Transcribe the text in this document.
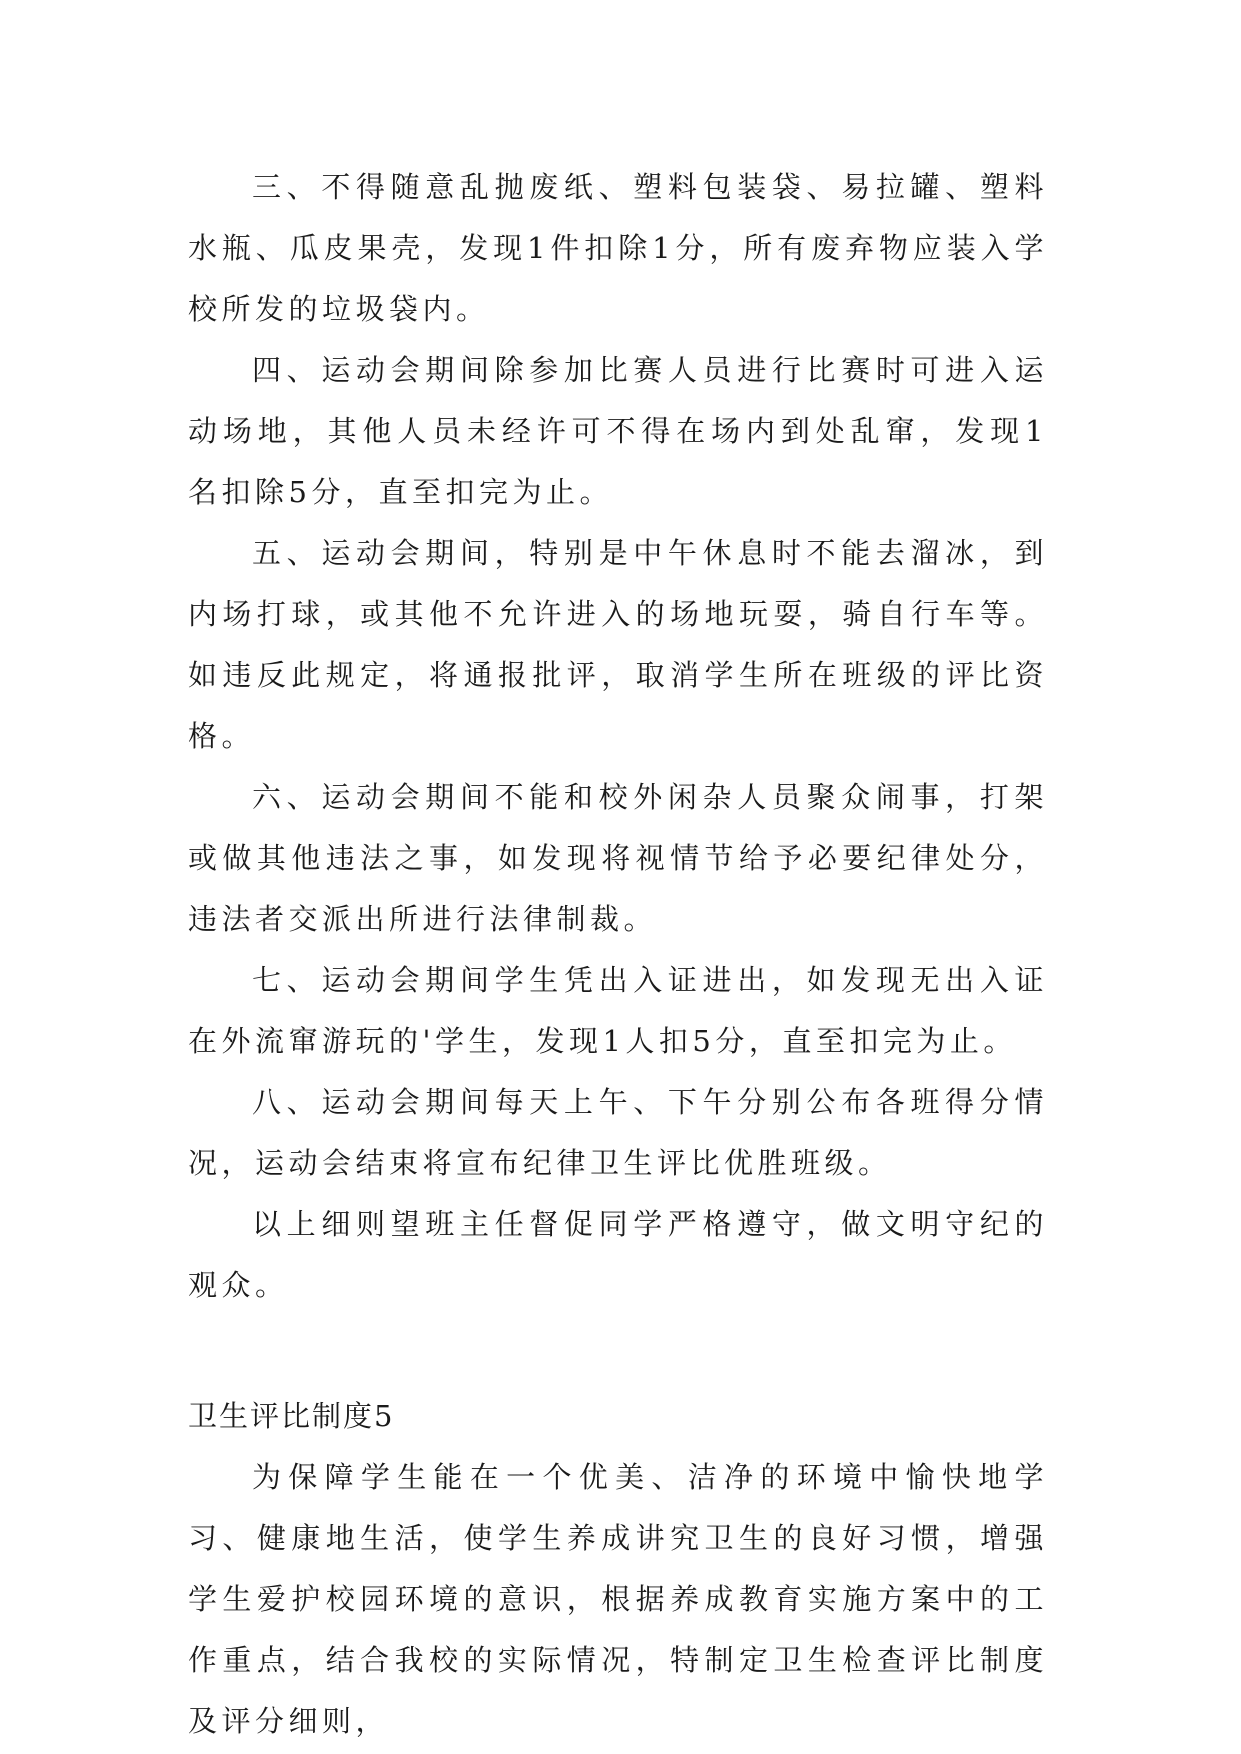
三、不得随意乱抛废纸、塑料包装袋、易拉罐、塑料水瓶、瓜皮果壳，发现1件扣除1分，所有废弃物应装入学校所发的垃圾袋内。

四、运动会期间除参加比赛人员进行比赛时可进入运动场地，其他人员未经许可不得在场内到处乱窜，发现1名扣除5分，直至扣完为止。

五、运动会期间，特别是中午休息时不能去溜冰，到内场打球，或其他不允许进入的场地玩耍，骑自行车等。如违反此规定，将通报批评，取消学生所在班级的评比资格。

六、运动会期间不能和校外闲杂人员聚众闹事，打架或做其他违法之事，如发现将视情节给予必要纪律处分，违法者交派出所进行法律制裁。

七、运动会期间学生凭出入证进出，如发现无出入证在外流窜游玩的'学生，发现1人扣5分，直至扣完为止。

八、运动会期间每天上午、下午分别公布各班得分情况，运动会结束将宣布纪律卫生评比优胜班级。

以上细则望班主任督促同学严格遵守，做文明守纪的观众。

卫生评比制度5

为保障学生能在一个优美、洁净的环境中愉快地学习、健康地生活，使学生养成讲究卫生的良好习惯，增强学生爱护校园环境的意识，根据养成教育实施方案中的工作重点，结合我校的实际情况，特制定卫生检查评比制度及评分细则，
